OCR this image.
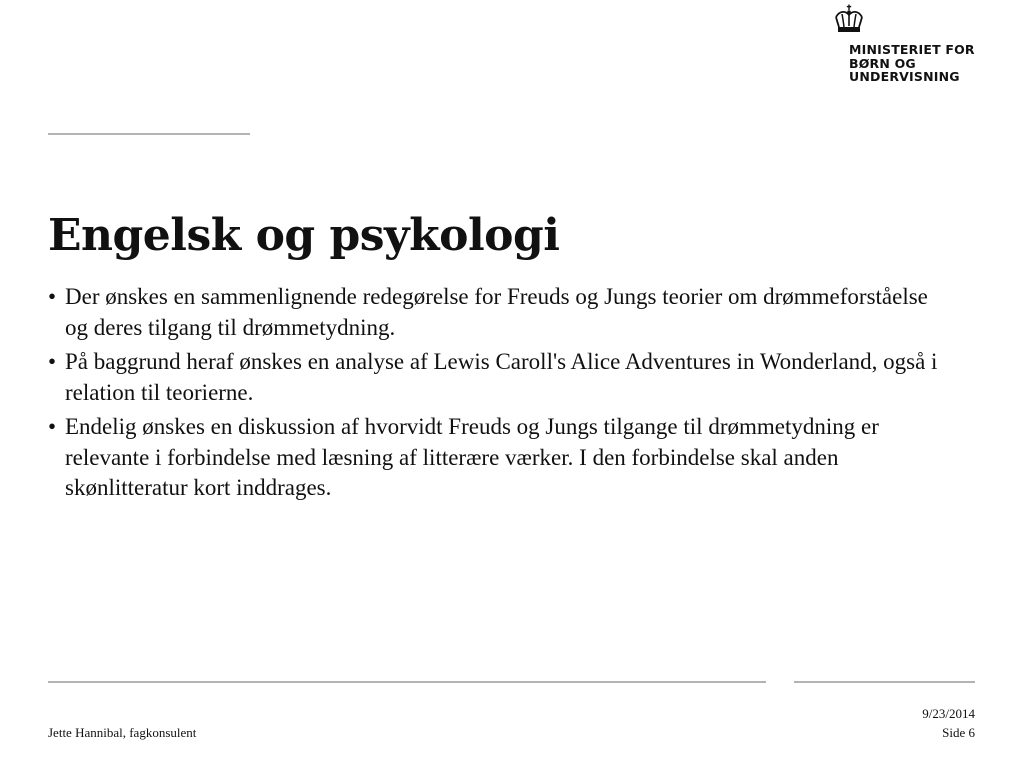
MINISTERIET FOR
BØRN OG
UNDERVISNING
Engelsk og psykologi
• Der ønskes en sammenlignende redegørelse for Freuds og Jungs teorier om drømmeforståelse og deres tilgang til drømmetydning.
• På baggrund heraf ønskes en analyse af Lewis Caroll's Alice Adventures in Wonderland, også i relation til teorierne.
• Endelig ønskes en diskussion af hvorvidt Freuds og Jungs tilgange til drømmetydning er relevante i forbindelse med læsning af litterære værker. I den forbindelse skal anden skønlitteratur kort inddrages.
Jette Hannibal, fagkonsulent
9/23/2014
Side 6
